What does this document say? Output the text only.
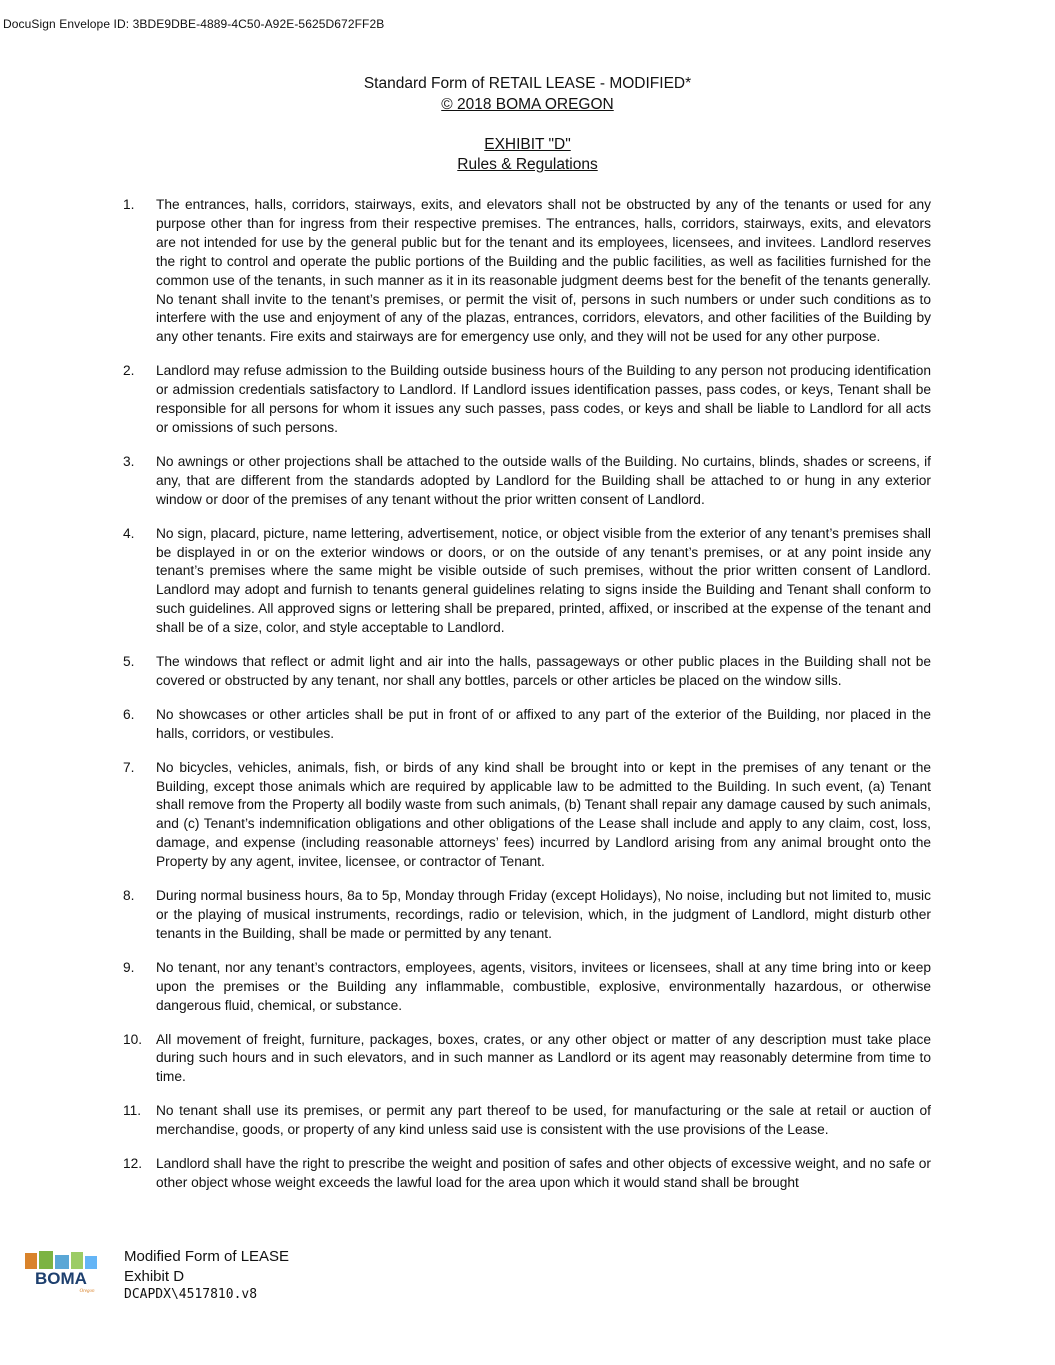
DocuSign Envelope ID: 3BDE9DBE-4889-4C50-A92E-5625D672FF2B
Standard Form of RETAIL LEASE - MODIFIED*
© 2018 BOMA OREGON
EXHIBIT "D"
Rules & Regulations
1.	The entrances, halls, corridors, stairways, exits, and elevators shall not be obstructed by any of the tenants or used for any purpose other than for ingress from their respective premises. The entrances, halls, corridors, stairways, exits, and elevators are not intended for use by the general public but for the tenant and its employees, licensees, and invitees. Landlord reserves the right to control and operate the public portions of the Building and the public facilities, as well as facilities furnished for the common use of the tenants, in such manner as it in its reasonable judgment deems best for the benefit of the tenants generally. No tenant shall invite to the tenant’s premises, or permit the visit of, persons in such numbers or under such conditions as to interfere with the use and enjoyment of any of the plazas, entrances, corridors, elevators, and other facilities of the Building by any other tenants. Fire exits and stairways are for emergency use only, and they will not be used for any other purpose.
2.	Landlord may refuse admission to the Building outside business hours of the Building to any person not producing identification or admission credentials satisfactory to Landlord. If Landlord issues identification passes, pass codes, or keys, Tenant shall be responsible for all persons for whom it issues any such passes, pass codes, or keys and shall be liable to Landlord for all acts or omissions of such persons.
3.	No awnings or other projections shall be attached to the outside walls of the Building. No curtains, blinds, shades or screens, if any, that are different from the standards adopted by Landlord for the Building shall be attached to or hung in any exterior window or door of the premises of any tenant without the prior written consent of Landlord.
4.	No sign, placard, picture, name lettering, advertisement, notice, or object visible from the exterior of any tenant’s premises shall be displayed in or on the exterior windows or doors, or on the outside of any tenant’s premises, or at any point inside any tenant’s premises where the same might be visible outside of such premises, without the prior written consent of Landlord. Landlord may adopt and furnish to tenants general guidelines relating to signs inside the Building and Tenant shall conform to such guidelines. All approved signs or lettering shall be prepared, printed, affixed, or inscribed at the expense of the tenant and shall be of a size, color, and style acceptable to Landlord.
5.	The windows that reflect or admit light and air into the halls, passageways or other public places in the Building shall not be covered or obstructed by any tenant, nor shall any bottles, parcels or other articles be placed on the window sills.
6.	No showcases or other articles shall be put in front of or affixed to any part of the exterior of the Building, nor placed in the halls, corridors, or vestibules.
7.	No bicycles, vehicles, animals, fish, or birds of any kind shall be brought into or kept in the premises of any tenant or the Building, except those animals which are required by applicable law to be admitted to the Building. In such event, (a) Tenant shall remove from the Property all bodily waste from such animals, (b) Tenant shall repair any damage caused by such animals, and (c) Tenant’s indemnification obligations and other obligations of the Lease shall include and apply to any claim, cost, loss, damage, and expense (including reasonable attorneys’ fees) incurred by Landlord arising from any animal brought onto the Property by any agent, invitee, licensee, or contractor of Tenant.
8.	During normal business hours, 8a to 5p, Monday through Friday (except Holidays), No noise, including but not limited to, music or the playing of musical instruments, recordings, radio or television, which, in the judgment of Landlord, might disturb other tenants in the Building, shall be made or permitted by any tenant.
9.	No tenant, nor any tenant’s contractors, employees, agents, visitors, invitees or licensees, shall at any time bring into or keep upon the premises or the Building any inflammable, combustible, explosive, environmentally hazardous, or otherwise dangerous fluid, chemical, or substance.
10.	All movement of freight, furniture, packages, boxes, crates, or any other object or matter of any description must take place during such hours and in such elevators, and in such manner as Landlord or its agent may reasonably determine from time to time.
11.	No tenant shall use its premises, or permit any part thereof to be used, for manufacturing or the sale at retail or auction of merchandise, goods, or property of any kind unless said use is consistent with the use provisions of the Lease.
12.	Landlord shall have the right to prescribe the weight and position of safes and other objects of excessive weight, and no safe or other object whose weight exceeds the lawful load for the area upon which it would stand shall be brought
BOMA
Oregon
Modified Form of LEASE
Exhibit D
DCAPDX\4517810.v8
